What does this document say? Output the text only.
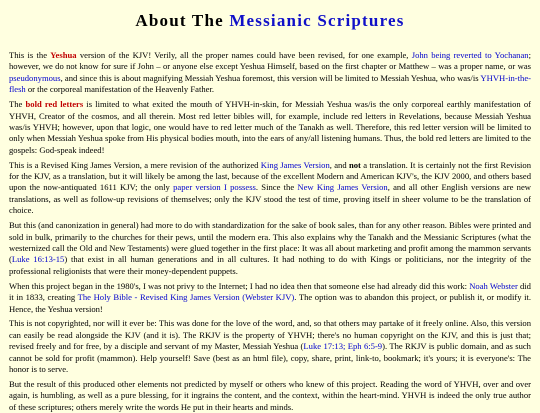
About The Messianic Scriptures

This is the Yeshua version of the KJV! Verily, all the proper names could have been revised, for one example, John being reverted to Yochanan; however, we do not know for sure if John – or anyone else except Yeshua Himself, based on the first chapter or Matthew – was a proper name, or was pseudonymous, and since this is about magnifying Messiah Yeshua foremost, this version will be limited to Messiah Yeshua, who was/is YHVH-in-the-flesh or the corporeal manifestation of the Heavenly Father.

The bold red letters is limited to what exited the mouth of YHVH-in-skin, for Messiah Yeshua was/is the only corporeal earthly manifestation of YHVH, Creator of the cosmos, and all therein. Most red letter bibles will, for example, include red letters in Revelations, because Messiah Yeshua was/is YHVH; however, upon that logic, one would have to red letter much of the Tanakh as well. Therefore, this red letter version will be limited to only when Messiah Yeshua spoke from His physical bodies mouth, into the ears of any/all listening humans. Thus, the bold red letters are limited to the gospels: God-speak indeed!

This is a Revised King James Version, a mere revision of the authorized King James Version, and not a translation. It is certainly not the first Revision for the KJV, as a translation, but it will likely be among the last, because of the excellent Modern and American KJV's, the KJV 2000, and others based upon the now-antiquated 1611 KJV; the only paper version I possess. Since the New King James Version, and all other English versions are new translations, as well as follow-up revisions of themselves; only the KJV stood the test of time, proving itself in sheer volume to be the translation of choice.

But this (and canonization in general) had more to do with standardization for the sake of book sales, than for any other reason. Bibles were printed and sold in bulk, primarily to the churches for their pews, until the modern era. This also explains why the Tanakh and the Messianic Scriptures (what the westernized call the Old and New Testaments) were glued together in the first place: It was all about marketing and profit among the mammon servants (Luke 16:13-15) that exist in all human generations and in all cultures. It had nothing to do with Kings or politicians, nor the integrity of the professional religionists that were their money-dependent puppets.

When this project began in the 1980's, I was not privy to the Internet; I had no idea then that someone else had already did this work: Noah Webster did it in 1833, creating The Holy Bible - Revised King James Version (Webster KJV). The option was to abandon this project, or publish it, or modify it. Hence, the Yeshua version!

This is not copyrighted, nor will it ever be: This was done for the love of the word, and, so that others may partake of it freely online. Also, this version can easily be read alongside the KJV (and it is). The RKJV is the property of YHVH; there's no human copyright on the KJV, and this is just that; revised freely and for free, by a disciple and servant of my Master, Messiah Yeshua (Luke 17:13; Eph 6:5-9). The RKJV is public domain, and as such cannot be sold for profit (mammon). Help yourself! Save (best as an html file), copy, share, print, link-to, bookmark; it's yours; it is everyone's: The honor is to serve.

But the result of this produced other elements not predicted by myself or others who knew of this project. Reading the word of YHVH, over and over again, is humbling, as well as a pure blessing, for it ingrains the content, and the context, within the heart-mind. YHVH is indeed the only true author of these scriptures; others merely write the words He put in their hearts and minds.
